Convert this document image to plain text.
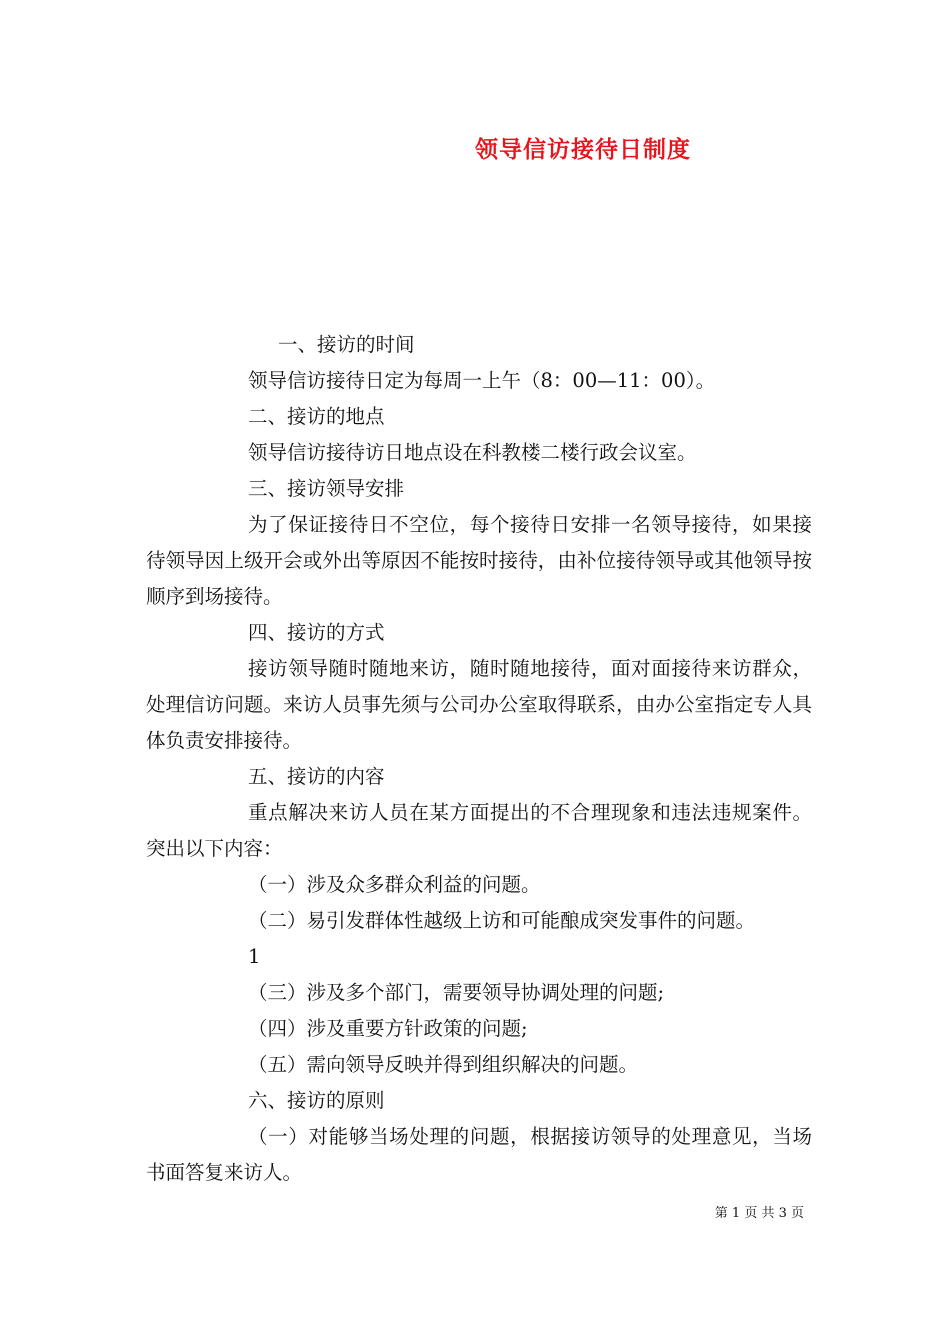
领导信访接待日制度

一、接访的时间

领导信访接待日定为每周一上午（8：00—11：00）。

二、接访的地点

领导信访接待访日地点设在科教楼二楼行政会议室。

三、接访领导安排

为了保证接待日不空位，每个接待日安排一名领导接待，如果接待领导因上级开会或外出等原因不能按时接待，由补位接待领导或其他领导按顺序到场接待。

四、接访的方式

接访领导随时随地来访，随时随地接待，面对面接待来访群众，处理信访问题。来访人员事先须与公司办公室取得联系，由办公室指定专人具体负责安排接待。

五、接访的内容

重点解决来访人员在某方面提出的不合理现象和违法违规案件。突出以下内容：

（一）涉及众多群众利益的问题。

（二）易引发群体性越级上访和可能酿成突发事件的问题。

1

（三）涉及多个部门，需要领导协调处理的问题;

（四）涉及重要方针政策的问题;

（五）需向领导反映并得到组织解决的问题。

六、接访的原则

（一）对能够当场处理的问题，根据接访领导的处理意见，当场书面答复来访人。

第 1 页 共 3 页
